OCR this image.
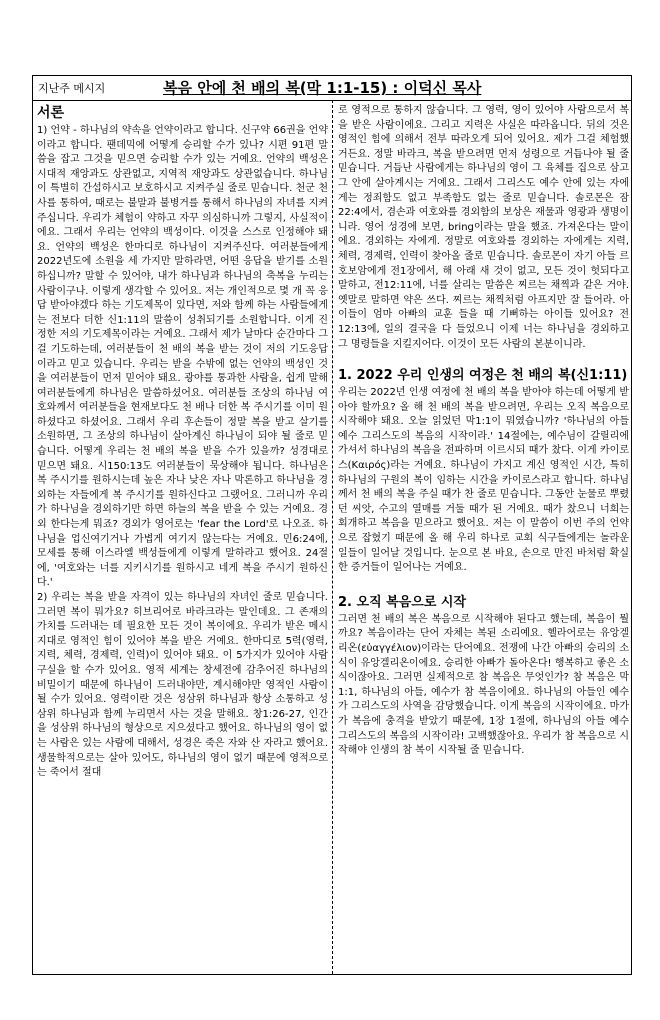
지난주 메시지	복음 안에 천 배의 복(막 1:1-15) : 이덕신 목사
서론

1) 언약 - 하나님의 약속을 언약이라고 합니다. 신구약 66권을 언약이라고 합니다. 팬데믹에 어떻게 승리할 수가 있나? 시편 91편 말씀을 잡고 그것을 믿으면 승리할 수가 있는 거예요. 언약의 백성은 시대적 재앙과도 상관없고, 지역적 재앙과도 상관없습니다. 하나님이 특별히 간섭하시고 보호하시고 지켜주실 줄로 믿습니다. 천군 천사를 통하여, 때로는 불말과 불병거를 통해서 하나님의 자녀를 지켜주십니다. 우리가 체험이 약하고 자꾸 의심하니까 그렇지, 사실적이에요. 그래서 우리는 언약의 백성이다. 이것을 스스로 인정해야 돼요. 언약의 백성은 한마디로 하나님이 지켜주신다. 여러분들에게 2022년도에 소원을 세 가지만 말하라면, 어떤 응답을 받기를 소원하십니까? 말할 수 있어야, 내가 하나님과 하나님의 축복을 누리는 사람이구나. 이렇게 생각할 수 있어요. 저는 개인적으로 몇 개 꼭 응답 받아야겠다 하는 기도제목이 있다면, 저와 함께 하는 사람들에게는 전보다 더한 신1:11의 말씀이 성취되기를 소원합니다. 이게 진정한 저의 기도제목이라는 거예요. 그래서 제가 날마다 순간마다 그걸 기도하는데, 여러분들이 천 배의 복을 받는 것이 저의 기도응답이라고 믿고 있습니다. 우리는 받을 수밖에 없는 언약의 백성인 것을 여러분들이 먼저 믿어야 돼요. 광야를 통과한 사람을, 쉽게 말해 여러분들에게 하나님은 말씀하셨어요. 여러분들 조상의 하나님 여호와께서 여러분들을 현재보다도 천 배나 더한 복 주시기를 이미 원하셨다고 하셨어요. 그래서 우리 후손들이 정말 복을 받고 살기를 소원하면, 그 조상의 하나님이 살아계신 하나님이 되야 될 줄로 믿습니다. 어떻게 우리는 천 배의 복을 받을 수가 있을까? 성경대로 믿으면 돼요. 시150:13도 여러분들이 묵상해야 됩니다. 하나님은 복 주시기를 원하시는데 높은 자나 낮은 자나 막론하고 하나님을 경외하는 자들에게 복 주시기를 원하신다고 그랬어요. 그러니까 우리가 하나님을 경외하기만 하면 하늘의 복을 받을 수 있는 거예요. 경외 한다는게 뭐죠? 경외가 영어로는 'fear the Lord'로 나오죠. 하나님을 업신여기거나 가볍게 여기지 않는다는 거예요. 민6:24에, 모세를 통해 이스라엘 백성들에게 이렇게 말하라고 했어요. 24절에, '여호와는 너를 지키시기를 원하시고 네게 복을 주시기 원하신다.'

2) 우리는 복을 받을 자격이 있는 하나님의 자녀인 줄로 믿습니다. 그러면 복이 뭐가요? 히브리어로 바라크라는 말인데요. 그 존재의 가치를 드러내는 데 필요한 모든 것이 복이에요. 우리가 받은 메시지대로 영적인 힘이 있어야 복을 받은 거예요. 한마디로 5력(영력, 지력, 체력, 경제력, 인력)이 있어야 돼요. 이 5가지가 있어야 사람 구실을 할 수가 있어요. 영적 세계는 창세전에 감추어진 하나님의 비밀이기 때문에 하나님이 드러내야만, 계시해야만 영적인 사람이 될 수가 있어요. 영력이란 것은 성삼위 하나님과 항상 소통하고 성삼위 하나님과 함께 누리면서 사는 것을 말해요. 창1:26-27, 인간을 성삼위 하나님의 형상으로 지으셨다고 했어요. 하나님의 영이 없는 사람은 있는 사람에 대해서, 성경은 죽은 자와 산 자라고 했어요. 생물학적으로는 살아 있어도, 하나님의 영이 없기 때문에 영적으로는 죽어서 절대

로 영적으로 통하지 않습니다. 그 영력, 영이 있어야 사람으로서 복을 받은 사람이에요. 그리고 지력은 사실은 따라옵니다. 뒤의 것은 영적인 힘에 의해서 전부 따라오게 되어 있어요. 제가 그걸 체험했거든요. 정말 바라크, 복을 받으려면 먼저 성령으로 거듭나야 될 줄 믿습니다. 거듭난 사람에게는 하나님의 영이 그 육체를 집으로 삼고 그 안에 살아계시는 거예요. 그래서 그리스도 예수 안에 있는 자에게는 정죄함도 없고 부족함도 없는 줄로 믿습니다. 솔로몬은 잠22:4에서, 겸손과 여호와를 경외함의 보상은 재물과 영광과 생명이니라. 영어 성경에 보면, bring이라는 말을 했죠. 가져온다는 말이에요. 경외하는 자에게. 정말로 여호와를 경외하는 자에게는 지력, 체력, 경제력, 인력이 찾아올 줄로 믿습니다. 솔로몬이 자기 아들 르호보암에게 전1장에서, 해 아래 새 것이 없고, 모든 것이 헛되다고 말하고, 전12:11에, 너를 살리는 말씀은 찌르는 채찍과 같은 거야. 옛말로 말하면 약은 쓰다. 찌르는 채찍처럼 아프지만 잘 들어라. 아이들이 엄마 아빠의 교훈 들을 때 기뻐하는 아이들 있어요? 전12:13에, 일의 결국을 다 들었으니 이제 너는 하나님을 경외하고 그 명령들을 지킬지어다. 이것이 모든 사람의 본분이니라.

1. 2022 우리 인생의 여정은 천 배의 복(신1:11)

우리는 2022년 인생 여정에 천 배의 복을 받아야 하는데 어떻게 받아야 할까요? 올 해 천 배의 복을 받으려면, 우리는 오직 복음으로 시작해야 돼요. 오늘 읽었던 막1:1이 뭐였습니까? '하나님의 아들 예수 그리스도의 복음의 시작이라.' 14절에는, 예수님이 갈릴리에 가셔서 하나님의 복음을 전파하며 이르시되 때가 찼다. 이게 카이로스(Καιρός)라는 거예요. 하나님이 가지고 계신 영적인 시간, 특히 하나님의 구원의 복이 임하는 시간을 카이로스라고 합니다. 하나님께서 천 배의 복을 주실 때가 찬 줄로 믿습니다. 그동안 눈물로 뿌렸던 씨앗, 수고의 열매를 거둘 때가 된 거예요. 때가 찼으니 너희는 회개하고 복음을 믿으라고 했어요. 저는 이 말씀이 이번 주의 언약으로 잡혔기 때문에 올 해 우리 하나로 교회 식구들에게는 놀라운 일들이 일어날 것입니다. 눈으로 본 바요, 손으로 만진 바처럼 확실한 증거들이 일어나는 거예요.

2. 오직 복음으로 시작

그러면 천 배의 복은 복음으로 시작해야 된다고 했는데, 복음이 뭘까요? 복음이라는 단어 자체는 복된 소리예요. 헬라어로는 유앙겔리온(εὐαγγέλιον)이라는 단어예요. 전쟁에 나간 아빠의 승리의 소식이 유앙겔리온이에요. 승리한 아빠가 돌아온다! 행복하고 좋은 소식이잖아요. 그러면 실제적으로 참 복음은 무엇인가? 참 복음은 막1:1, 하나님의 아들, 예수가 참 복음이에요. 하나님의 아들인 예수가 그리스도의 사역을 감당했습니다. 이게 복음의 시작이에요. 마가가 복음에 충격을 받았기 때문에, 1장 1절에, 하나님의 아들 예수 그리스도의 복음의 시작이라! 고백했잖아요. 우리가 참 복음으로 시작해야 인생의 참 복이 시작될 줄 믿습니다.
